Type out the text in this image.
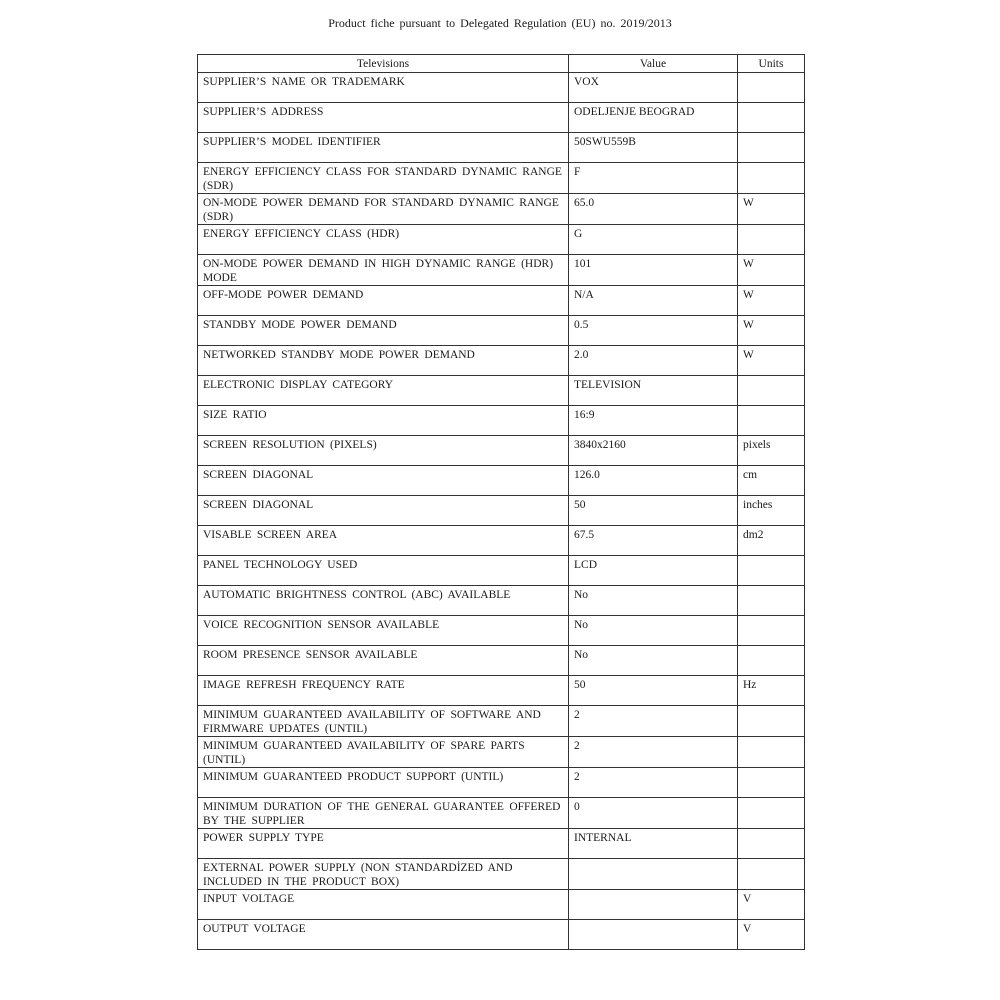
Product fiche pursuant to Delegated Regulation (EU) no. 2019/2013
Televisions	Value	Units

SUPPLIER’S NAME OR TRADEMARK	VOX	

SUPPLIER’S ADDRESS	ODELJENJE BEOGRAD	

SUPPLIER’S MODEL IDENTIFIER	50SWU559B	

ENERGY EFFICIENCY CLASS FOR STANDARD DYNAMIC RANGE (SDR)	F	

ON-MODE POWER DEMAND FOR STANDARD DYNAMIC RANGE (SDR)	65.0	W

ENERGY EFFICIENCY CLASS (HDR)	G	

ON-MODE POWER DEMAND IN HIGH DYNAMIC RANGE (HDR) MODE	101	W

OFF-MODE POWER DEMAND	N/A	W

STANDBY MODE POWER DEMAND	0.5	W

NETWORKED STANDBY MODE POWER DEMAND	2.0	W

ELECTRONIC DISPLAY CATEGORY	TELEVISION	

SIZE RATIO	16:9	

SCREEN RESOLUTION (PIXELS)	3840x2160	pixels

SCREEN DIAGONAL	126.0	cm

SCREEN DIAGONAL	50	inches

VISABLE SCREEN AREA	67.5	dm2

PANEL TECHNOLOGY USED	LCD	

AUTOMATIC BRIGHTNESS CONTROL (ABC) AVAILABLE	No	

VOICE RECOGNITION SENSOR AVAILABLE	No	

ROOM PRESENCE SENSOR AVAILABLE	No	

IMAGE REFRESH FREQUENCY RATE	50	Hz

MINIMUM GUARANTEED AVAILABILITY OF SOFTWARE AND FIRMWARE UPDATES (UNTIL)	2	

MINIMUM GUARANTEED AVAILABILITY OF SPARE PARTS (UNTIL)	2	

MINIMUM GUARANTEED PRODUCT SUPPORT (UNTIL)	2	

MINIMUM DURATION OF THE GENERAL GUARANTEE OFFERED BY THE SUPPLIER	0	

POWER SUPPLY TYPE	INTERNAL	

EXTERNAL POWER SUPPLY (NON STANDARDİZED AND INCLUDED IN THE PRODUCT BOX)		

INPUT VOLTAGE		V

OUTPUT VOLTAGE		V
